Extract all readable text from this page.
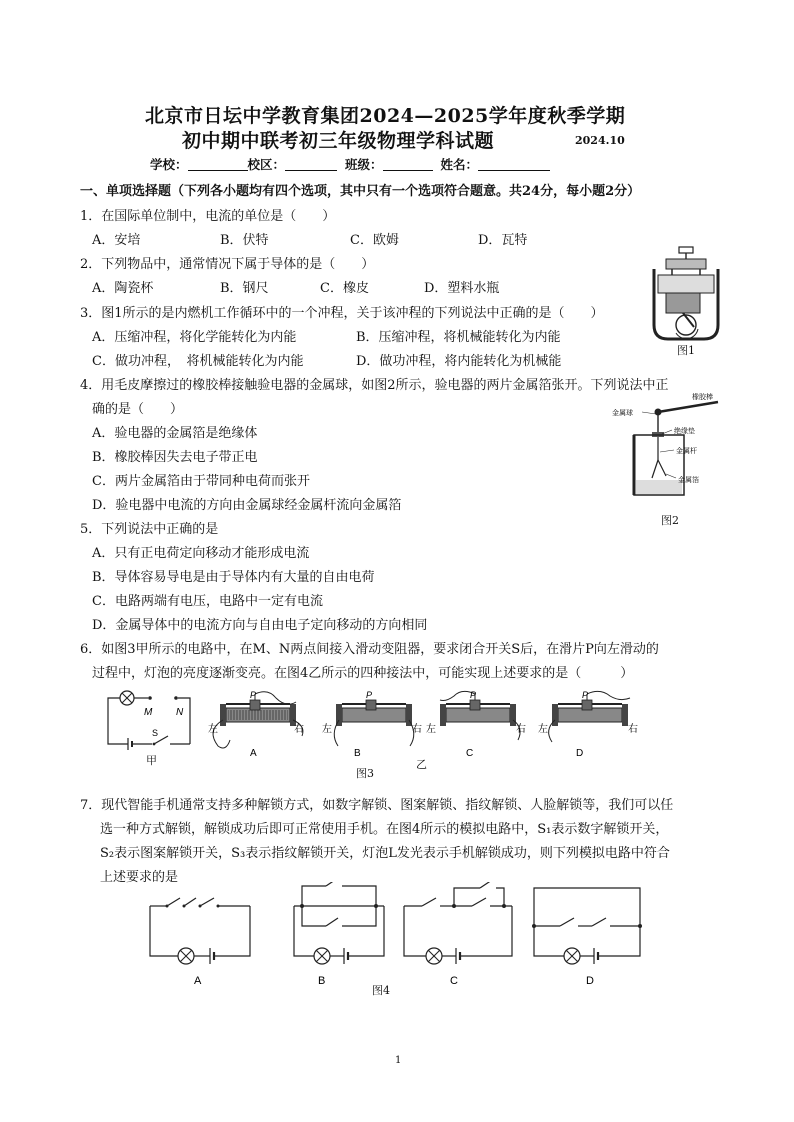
北京市日坛中学教育集团2024—2025学年度秋季学期
初中期中联考初三年级物理学科试题	2024.10
学校：	校区：	班级：	姓名：
一、单项选择题（下列各小题均有四个选项，其中只有一个选项符合题意。共24分，每小题2分）
1．在国际单位制中，电流的单位是（　　）
A．安培	B．伏特	C．欧姆	D．瓦特
2．下列物品中，通常情况下属于导体的是（　　）
A．陶瓷杯	B．钢尺	C．橡皮	D．塑料水瓶
图1
3．图1所示的是内燃机工作循环中的一个冲程，关于该冲程的下列说法中正确的是（　　）
A．压缩冲程，将化学能转化为内能	B．压缩冲程，将机械能转化为内能
C．做功冲程，　将机械能转化为内能	D．做功冲程，将内能转化为机械能
4．用毛皮摩擦过的橡胶棒接触验电器的金属球，如图2所示，验电器的两片金属箔张开。下列说法中正
确的是（　　）
A．验电器的金属箔是绝缘体
B．橡胶棒因失去电子带正电
C．两片金属箔由于带同种电荷而张开
D．验电器中电流的方向由金属球经金属杆流向金属箔
金属球
橡胶棒
绝缘垫
金属杆
金属箔
图2
5．下列说法中正确的是
A．只有正电荷定向移动才能形成电流
B．导体容易导电是由于导体内有大量的自由电荷
C．电路两端有电压，电路中一定有电流
D．金属导体中的电流方向与自由电子定向移动的方向相同
6．如图3甲所示的电路中，在M、N两点间接入滑动变阻器，要求闭合开关S后，在滑片P向左滑动的
过程中，灯泡的亮度逐渐变亮。在图4乙所示的四种接法中，可能实现上述要求的是（　　　）
M N
S
甲
P
左	右
A
P
左	右
B
P
左	右
C
P
左	右
D
图3
乙
7．现代智能手机通常支持多种解锁方式，如数字解锁、图案解锁、指纹解锁、人脸解锁等，我们可以任
选一种方式解锁，解锁成功后即可正常使用手机。在图4所示的模拟电路中，S₁表示数字解锁开关，
S₂表示图案解锁开关，S₃表示指纹解锁开关，灯泡L发光表示手机解锁成功，则下列模拟电路中符合
上述要求的是
A	B	C	D
图4
1
